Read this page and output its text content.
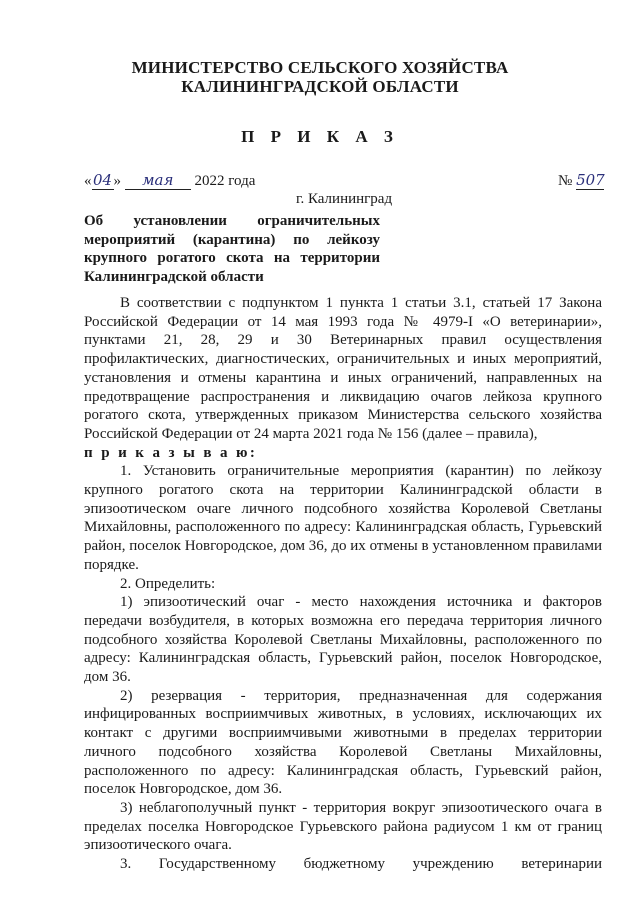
МИНИСТЕРСТВО СЕЛЬСКОГО ХОЗЯЙСТВА
КАЛИНИНГРАДСКОЙ ОБЛАСТИ
П Р И К А З
«04» мая 2022 года	№ 507
г. Калининград
Об установлении ограничительных
мероприятий (карантина) по лейкозу
крупного рогатого скота на территории
Калининградской области

В соответствии с подпунктом 1 пункта 1 статьи 3.1, статьей 17 Закона Российской Федерации от 14 мая 1993 года № 4979-I «О ветеринарии», пунктами 21, 28, 29 и 30 Ветеринарных правил осуществления профилактических, диагностических, ограничительных и иных мероприятий, установления и отмены карантина и иных ограничений, направленных на предотвращение распространения и ликвидацию очагов лейкоза крупного рогатого скота, утвержденных приказом Министерства сельского хозяйства Российской Федерации от 24 марта 2021 года № 156 (далее – правила),

п р и к а з ы в а ю:

1. Установить ограничительные мероприятия (карантин) по лейкозу крупного рогатого скота на территории Калининградской области в эпизоотическом очаге личного подсобного хозяйства Королевой Светланы Михайловны, расположенного по адресу: Калининградская область, Гурьевский район, поселок Новгородское, дом 36, до их отмены в установленном правилами порядке.

2. Определить:

1) эпизоотический очаг - место нахождения источника и факторов передачи возбудителя, в которых возможна его передача территория личного подсобного хозяйства Королевой Светланы Михайловны, расположенного по адресу: Калининградская область, Гурьевский район, поселок Новгородское, дом 36.

2) резервация - территория, предназначенная для содержания инфицированных восприимчивых животных, в условиях, исключающих их контакт с другими восприимчивыми животными в пределах территории личного подсобного хозяйства Королевой Светланы Михайловны, расположенного по адресу: Калининградская область, Гурьевский район, поселок Новгородское, дом 36.

3) неблагополучный пункт - территория вокруг эпизоотического очага в пределах поселка Новгородское Гурьевского района радиусом 1 км от границ эпизоотического очага.

3. Государственному бюджетному учреждению ветеринарии
